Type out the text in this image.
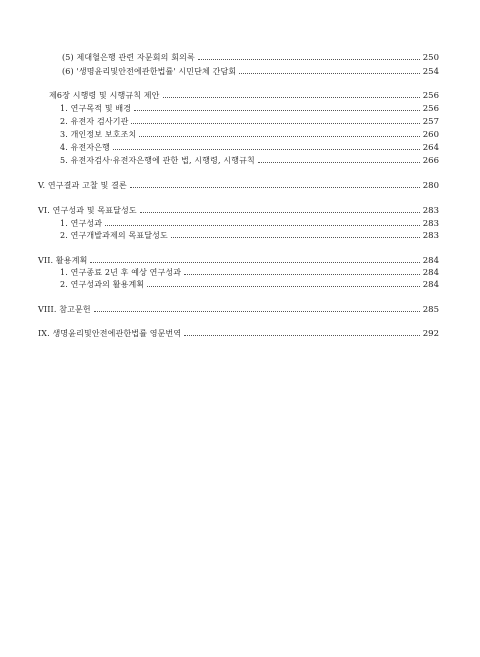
(5) 제대혈은행 관련 자문회의 회의록	250
(6) '생명윤리및안전에관한법률' 시민단체 간담회	254
제6장 시행령 및 시행규칙 제안	256
1. 연구목적 및 배경	256
2. 유전자 검사기관	257
3. 개인정보 보호조치	260
4. 유전자은행	264
5. 유전자검사·유전자은행에 관한 법, 시행령, 시행규칙	266
V. 연구결과 고찰 및 결론	280
VI. 연구성과 및 목표달성도	283
1. 연구성과	283
2. 연구개발과제의 목표달성도	283
VII. 활용계획	284
1. 연구종료 2년 후 예상 연구성과	284
2. 연구성과의 활용계획	284
VIII. 참고문헌	285
IX. 생명윤리및안전에관한법률 영문번역	292
